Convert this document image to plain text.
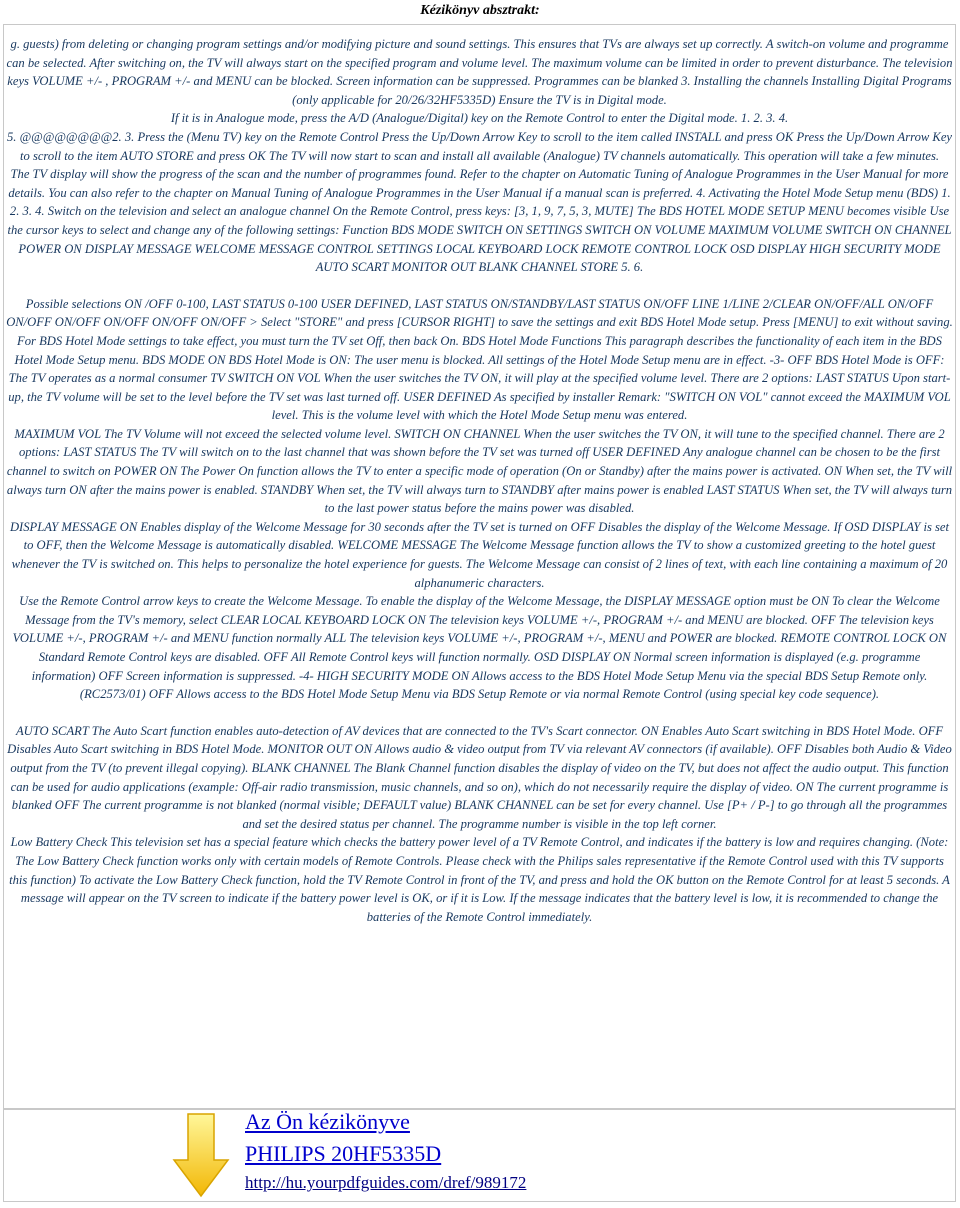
Kézikönyv absztrakt:

g. guests) from deleting or changing program settings and/or modifying picture and sound settings. This ensures that TVs are always set up correctly. A switch-on volume and programme can be selected. After switching on, the TV will always start on the specified program and volume level. The maximum volume can be limited in order to prevent disturbance. The television keys VOLUME +/- , PROGRAM +/- and MENU can be blocked. Screen information can be suppressed. Programmes can be blanked 3. Installing the channels Installing Digital Programs (only applicable for 20/26/32HF5335D) Ensure the TV is in Digital mode.

If it is in Analogue mode, press the A/D (Analogue/Digital) key on the Remote Control to enter the Digital mode. 1. 2. 3. 4.

5. @@@@@@@@2. 3. Press the (Menu TV) key on the Remote Control Press the Up/Down Arrow Key to scroll to the item called INSTALL and press OK Press the Up/Down Arrow Key to scroll to the item AUTO STORE and press OK The TV will now start to scan and install all available (Analogue) TV channels automatically. This operation will take a few minutes.

The TV display will show the progress of the scan and the number of programmes found. Refer to the chapter on Automatic Tuning of Analogue Programmes in the User Manual for more details. You can also refer to the chapter on Manual Tuning of Analogue Programmes in the User Manual if a manual scan is preferred. 4. Activating the Hotel Mode Setup menu (BDS) 1. 2. 3. 4. Switch on the television and select an analogue channel On the Remote Control, press keys: [3, 1, 9, 7, 5, 3, MUTE] The BDS HOTEL MODE SETUP MENU becomes visible Use the cursor keys to select and change any of the following settings: Function BDS MODE SWITCH ON SETTINGS SWITCH ON VOLUME MAXIMUM VOLUME SWITCH ON CHANNEL POWER ON DISPLAY MESSAGE WELCOME MESSAGE CONTROL SETTINGS LOCAL KEYBOARD LOCK REMOTE CONTROL LOCK OSD DISPLAY HIGH SECURITY MODE AUTO SCART MONITOR OUT BLANK CHANNEL STORE 5. 6.

Possible selections ON /OFF 0-100, LAST STATUS 0-100 USER DEFINED, LAST STATUS ON/STANDBY/LAST STATUS ON/OFF LINE 1/LINE 2/CLEAR ON/OFF/ALL ON/OFF ON/OFF ON/OFF ON/OFF ON/OFF ON/OFF > Select "STORE" and press [CURSOR RIGHT] to save the settings and exit BDS Hotel Mode setup. Press [MENU] to exit without saving. For BDS Hotel Mode settings to take effect, you must turn the TV set Off, then back On. BDS Hotel Mode Functions This paragraph describes the functionality of each item in the BDS Hotel Mode Setup menu. BDS MODE ON BDS Hotel Mode is ON: The user menu is blocked. All settings of the Hotel Mode Setup menu are in effect. -3- OFF BDS Hotel Mode is OFF: The TV operates as a normal consumer TV SWITCH ON VOL When the user switches the TV ON, it will play at the specified volume level. There are 2 options: LAST STATUS Upon start-up, the TV volume will be set to the level before the TV set was last turned off. USER DEFINED As specified by installer Remark: "SWITCH ON VOL" cannot exceed the MAXIMUM VOL level. This is the volume level with which the Hotel Mode Setup menu was entered.

MAXIMUM VOL The TV Volume will not exceed the selected volume level. SWITCH ON CHANNEL When the user switches the TV ON, it will tune to the specified channel. There are 2 options: LAST STATUS The TV will switch on to the last channel that was shown before the TV set was turned off USER DEFINED Any analogue channel can be chosen to be the first channel to switch on POWER ON The Power On function allows the TV to enter a specific mode of operation (On or Standby) after the mains power is activated. ON When set, the TV will always turn ON after the mains power is enabled. STANDBY When set, the TV will always turn to STANDBY after mains power is enabled LAST STATUS When set, the TV will always turn to the last power status before the mains power was disabled.

DISPLAY MESSAGE ON Enables display of the Welcome Message for 30 seconds after the TV set is turned on OFF Disables the display of the Welcome Message. If OSD DISPLAY is set to OFF, then the Welcome Message is automatically disabled. WELCOME MESSAGE The Welcome Message function allows the TV to show a customized greeting to the hotel guest whenever the TV is switched on. This helps to personalize the hotel experience for guests. The Welcome Message can consist of 2 lines of text, with each line containing a maximum of 20 alphanumeric characters.

Use the Remote Control arrow keys to create the Welcome Message. To enable the display of the Welcome Message, the DISPLAY MESSAGE option must be ON To clear the Welcome Message from the TV's memory, select CLEAR LOCAL KEYBOARD LOCK ON The television keys VOLUME +/-, PROGRAM +/- and MENU are blocked. OFF The television keys VOLUME +/-, PROGRAM +/- and MENU function normally ALL The television keys VOLUME +/-, PROGRAM +/-, MENU and POWER are blocked. REMOTE CONTROL LOCK ON Standard Remote Control keys are disabled. OFF All Remote Control keys will function normally. OSD DISPLAY ON Normal screen information is displayed (e.g. programme information) OFF Screen information is suppressed. -4- HIGH SECURITY MODE ON Allows access to the BDS Hotel Mode Setup Menu via the special BDS Setup Remote only. (RC2573/01) OFF Allows access to the BDS Hotel Mode Setup Menu via BDS Setup Remote or via normal Remote Control (using special key code sequence).

AUTO SCART The Auto Scart function enables auto-detection of AV devices that are connected to the TV's Scart connector. ON Enables Auto Scart switching in BDS Hotel Mode. OFF Disables Auto Scart switching in BDS Hotel Mode. MONITOR OUT ON Allows audio & video output from TV via relevant AV connectors (if available). OFF Disables both Audio & Video output from the TV (to prevent illegal copying). BLANK CHANNEL The Blank Channel function disables the display of video on the TV, but does not affect the audio output. This function can be used for audio applications (example: Off-air radio transmission, music channels, and so on), which do not necessarily require the display of video. ON The current programme is blanked OFF The current programme is not blanked (normal visible; DEFAULT value) BLANK CHANNEL can be set for every channel. Use [P+ / P-] to go through all the programmes and set the desired status per channel. The programme number is visible in the top left corner.

Low Battery Check This television set has a special feature which checks the battery power level of a TV Remote Control, and indicates if the battery is low and requires changing. (Note: The Low Battery Check function works only with certain models of Remote Controls. Please check with the Philips sales representative if the Remote Control used with this TV supports this function) To activate the Low Battery Check function, hold the TV Remote Control in front of the TV, and press and hold the OK button on the Remote Control for at least 5 seconds. A message will appear on the TV screen to indicate if the battery power level is OK, or if it is Low. If the message indicates that the battery level is low, it is recommended to change the batteries of the Remote Control immediately.

Az Ön kézikönyve
PHILIPS 20HF5335D
http://hu.yourpdfguides.com/dref/989172
